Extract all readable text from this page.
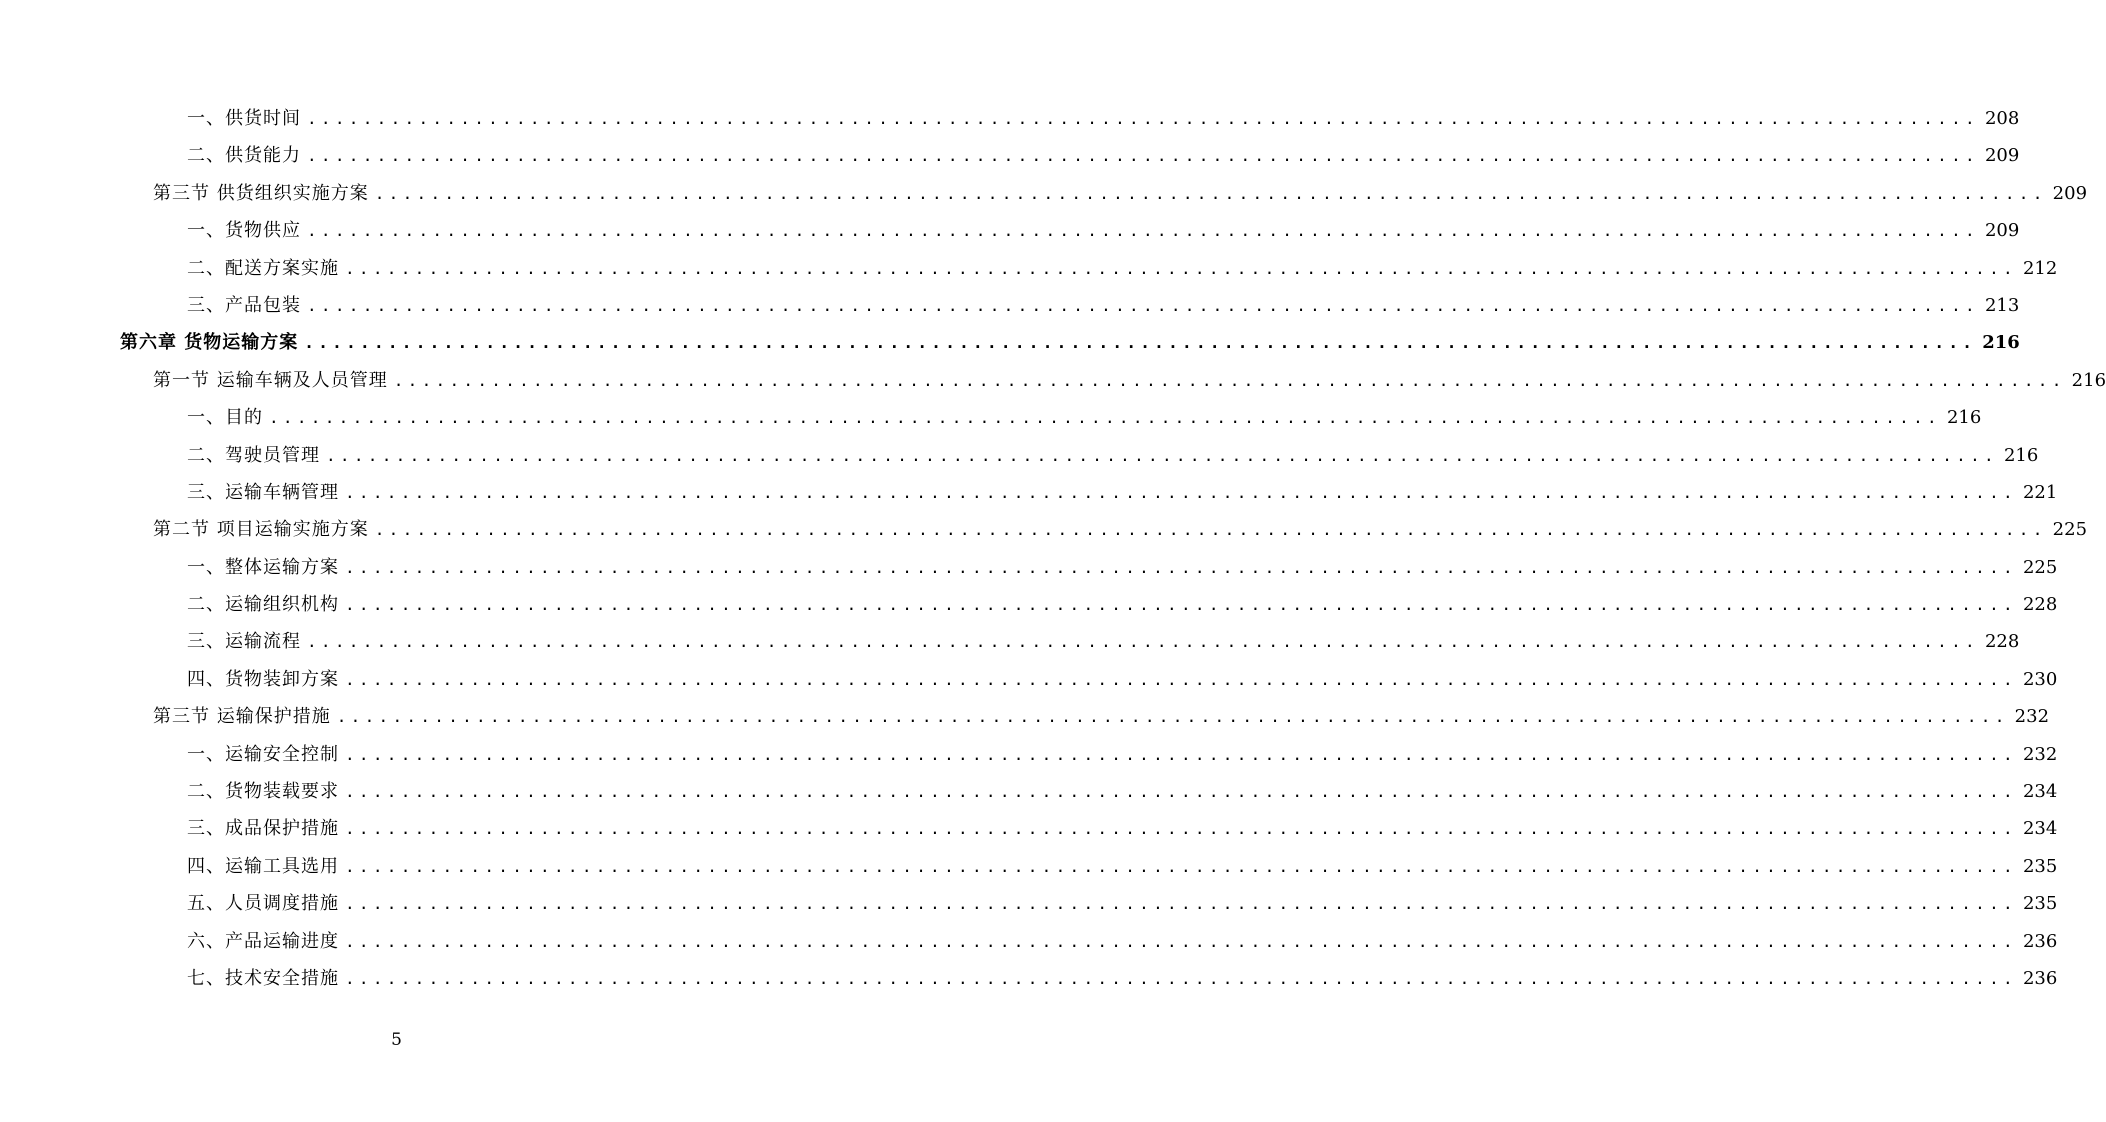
一、供货时间 ........................................................................................................................ 208
二、供货能力 ........................................................................................................................ 209
第三节 供货组织实施方案 ........................................................................................................................ 209
一、货物供应 ........................................................................................................................ 209
二、配送方案实施 ........................................................................................................................ 212
三、产品包装 ........................................................................................................................ 213
第六章 货物运输方案 ........................................................................................................................ 216
第一节 运输车辆及人员管理 ........................................................................................................................ 216
一、目的 ........................................................................................................................ 216
二、驾驶员管理 ........................................................................................................................ 216
三、运输车辆管理 ........................................................................................................................ 221
第二节 项目运输实施方案 ........................................................................................................................ 225
一、整体运输方案 ........................................................................................................................ 225
二、运输组织机构 ........................................................................................................................ 228
三、运输流程 ........................................................................................................................ 228
四、货物装卸方案 ........................................................................................................................ 230
第三节 运输保护措施 ........................................................................................................................ 232
一、运输安全控制 ........................................................................................................................ 232
二、货物装载要求 ........................................................................................................................ 234
三、成品保护措施 ........................................................................................................................ 234
四、运输工具选用 ........................................................................................................................ 235
五、人员调度措施 ........................................................................................................................ 235
六、产品运输进度 ........................................................................................................................ 236
七、技术安全措施 ........................................................................................................................ 236
5
